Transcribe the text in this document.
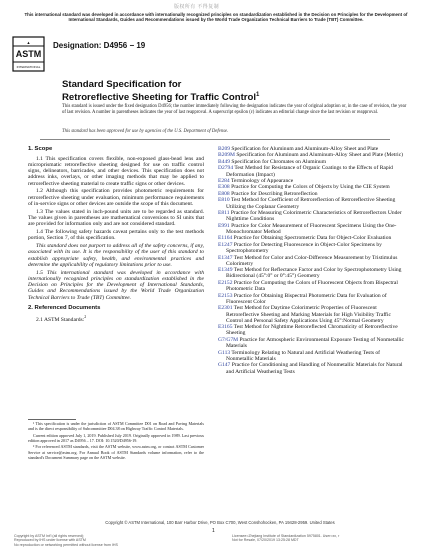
版权所有 不得复制
This international standard was developed in accordance with internationally recognized principles on standardization established in the Decision on Principles for the Development of International Standards, Guides and Recommendations issued by the World Trade Organization Technical Barriers to Trade (TBT) Committee.
ASTM
▲
INTERNATIONAL
Designation: D4956 − 19
Standard Specification for
Retroreflective Sheeting for Traffic Control$^1$
This standard is issued under the fixed designation D4956; the number immediately following the designation indicates the year of original adoption or, in the case of revision, the year of last revision. A number in parentheses indicates the year of last reapproval. A superscript epsilon (ε) indicates an editorial change since the last revision or reapproval.
This standard has been approved for use by agencies of the U.S. Department of Defense.
1. Scope

1.1 This specification covers flexible, non-exposed glass-bead lens and microprismatic retroreflective sheeting designed for use on traffic control signs, delineators, barricades, and other devices. This specification does not address inks, overlays, or other imaging methods that may be applied to retroreflective sheeting material to create traffic signs or other devices.

1.2 Although this specification provides photometric requirements for retroreflective sheeting under evaluation, minimum performance requirements of in-service signs or other devices are outside the scope of this document.

1.3 The values stated in inch-pound units are to be regarded as standard. The values given in parentheses are mathematical conversions to SI units that are provided for information only and are not considered standard.

1.4 The following safety hazards caveat pertains only to the test methods portion, Section 7, of this specification.

This standard does not purport to address all of the safety concerns, if any, associated with its use. It is the responsibility of the user of this standard to establish appropriate safety, health, and environmental practices and determine the applicability of regulatory limitations prior to use.

1.5 This international standard was developed in accordance with internationally recognized principles on standardization established in the Decision on Principles for the Development of International Standards, Guides and Recommendations issued by the World Trade Organization Technical Barriers to Trade (TBT) Committee.

2. Referenced Documents
2.1 ASTM Standards:$^2$

¹ This specification is under the jurisdiction of ASTM Committee D01 on Road and Paving Materials and is the direct responsibility of Subcommittee D04.38 on Highway Traffic Control Materials.

Current edition approved July 1, 2019. Published July 2019. Originally approved in 1989. Last previous edition approved in 2017 as D4956 – 17. DOI: 10.1520/D4956-19.

² For referenced ASTM standards, visit the ASTM website, www.astm.org, or contact ASTM Customer Service at service@astm.org. For Annual Book of ASTM Standards volume information, refer to the standard's Document Summary page on the ASTM website.

B209 Specification for Aluminum and Aluminum-Alloy Sheet and Plate
B209M Specification for Aluminum and Aluminum-Alloy Sheet and Plate (Metric)
B449 Specification for Chromates on Aluminum
D2794 Test Method for Resistance of Organic Coatings to the Effects of Rapid Deformation (Impact)
E284 Terminology of Appearance
E308 Practice for Computing the Colors of Objects by Using the CIE System
E808 Practice for Describing Retroreflection
E810 Test Method for Coefficient of Retroreflection of Retroreflective Sheeting Utilizing the Coplanar Geometry
E811 Practice for Measuring Colorimetric Characteristics of Retroreflectors Under Nighttime Conditions
E991 Practice for Color Measurement of Fluorescent Specimens Using the One-Monochromator Method
E1164 Practice for Obtaining Spectrometric Data for Object-Color Evaluation
E1247 Practice for Detecting Fluorescence in Object-Color Specimens by Spectrophotometry
E1347 Test Method for Color and Color-Difference Measurement by Tristimulus Colorimetry
E1349 Test Method for Reflectance Factor and Color by Spectrophotometry Using Bidirectional (45°:0° or 0°:45°) Geometry
E2152 Practice for Computing the Colors of Fluorescent Objects from Bispectral Photometric Data
E2153 Practice for Obtaining Bispectral Photometric Data for Evaluation of Fluorescent Color
E2301 Test Method for Daytime Colorimetric Properties of Fluorescent Retroreflective Sheeting and Marking Materials for High Visibility Traffic Control and Personal Safety Applications Using 45°:Normal Geometry
E3165 Test Method for Nighttime Retroreflected Chromaticity of Retroreflective Sheeting
G7/G7M Practice for Atmospheric Environmental Exposure Testing of Nonmetallic Materials
G113 Terminology Relating to Natural and Artificial Weathering Tests of Nonmetallic Materials
G147 Practice for Conditioning and Handling of Nonmetallic Materials for Natural and Artificial Weathering Tests
Copyright © ASTM International, 100 Barr Harbor Drive, PO Box C700, West Conshohocken, PA 19428-2959. United States
1
Copyright by ASTM Int'l (all rights reserved);
Reproduced by IHS under license with ASTM
No reproduction or networking permitted without license from IHS
Licensee=Zhejiang Institute of Standardization 5975801. User=xx, r
Not for Resale, 07/20/2019 13:25:28 MDT
